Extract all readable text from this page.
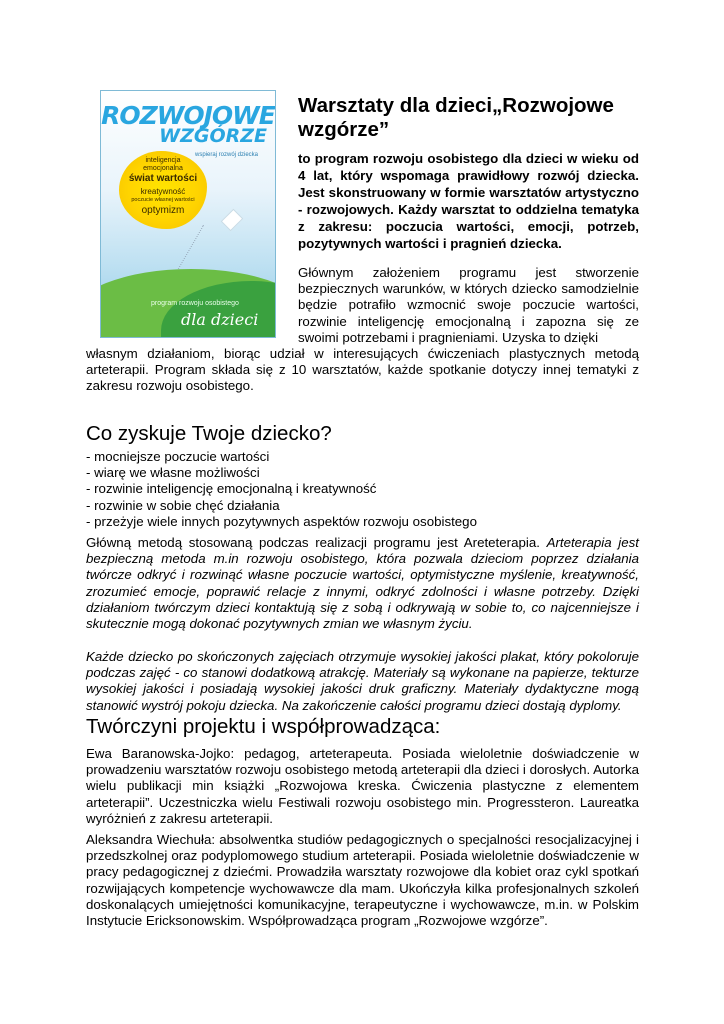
ROZWOJOWE
WZGÓRZE
wspieraj rozwój dziecka
inteligencja
emocjonalna
świat wartości
kreatywność
poczucie własnej wartości
optymizm
program rozwoju osobistego
dla dzieci
Warsztaty dla dzieci„Rozwojowe wzgórze”

to program rozwoju osobistego dla dzieci w wieku od 4 lat, który wspomaga prawidłowy rozwój dziecka. Jest skonstruowany w formie warsztatów artystyczno - rozwojowych. Każdy warsztat to oddzielna tematyka z zakresu: poczucia wartości, emocji, potrzeb, pozytywnych wartości i pragnień dziecka.

Głównym założeniem programu jest stworzenie bezpiecznych warunków, w których dziecko samodzielnie będzie potrafiło wzmocnić swoje poczucie wartości, rozwinie inteligencję emocjonalną i zapozna się ze swoimi potrzebami i pragnieniami. Uzyska to dzięki

własnym działaniom, biorąc udział w interesujących ćwiczeniach plastycznych metodą arteterapii. Program składa się z 10 warsztatów, każde spotkanie dotyczy innej tematyki z zakresu rozwoju osobistego.

Co zyskuje Twoje dziecko?
- mocniejsze poczucie wartości
- wiarę we własne możliwości
- rozwinie inteligencję emocjonalną i kreatywność
- rozwinie w sobie chęć działania
- przeżyje wiele innych pozytywnych aspektów rozwoju osobistego

Główną metodą stosowaną podczas realizacji programu jest Areteterapia. Arteterapia jest bezpieczną metoda m.in rozwoju osobistego, która pozwala dzieciom poprzez działania twórcze odkryć i rozwinąć własne poczucie wartości, optymistyczne myślenie, kreatywność, zrozumieć emocje, poprawić relacje z innymi, odkryć zdolności i własne potrzeby. Dzięki działaniom twórczym dzieci kontaktują się z sobą i odkrywają w sobie to, co najcenniejsze i skutecznie mogą dokonać pozytywnych zmian we własnym życiu.

Każde dziecko po skończonych zajęciach otrzymuje wysokiej jakości plakat, który pokoloruje podczas zajęć - co stanowi dodatkową atrakcję. Materiały są wykonane na papierze, tekturze wysokiej jakości i posiadają wysokiej jakości druk graficzny. Materiały dydaktyczne mogą stanowić wystrój pokoju dziecka. Na zakończenie całości programu dzieci dostają dyplomy.

Twórczyni projektu i współprowadząca:

Ewa Baranowska-Jojko: pedagog, arteterapeuta. Posiada wieloletnie doświadczenie w prowadzeniu warsztatów rozwoju osobistego metodą arteterapii dla dzieci i dorosłych. Autorka wielu publikacji min książki „Rozwojowa kreska. Ćwiczenia plastyczne z elementem arteterapii”. Uczestniczka wielu Festiwali rozwoju osobistego min. Progressteron. Laureatka wyróżnień z zakresu arteterapii.

Aleksandra Wiechuła: absolwentka studiów pedagogicznych o specjalności resocjalizacyjnej i przedszkolnej oraz podyplomowego studium arteterapii. Posiada wieloletnie doświadczenie w pracy pedagogicznej z dziećmi. Prowadziła warsztaty rozwojowe dla kobiet oraz cykl spotkań rozwijających kompetencje wychowawcze dla mam. Ukończyła kilka profesjonalnych szkoleń doskonalących umiejętności komunikacyjne, terapeutyczne i wychowawcze, m.in. w Polskim Instytucie Ericksonowskim. Współprowadząca program „Rozwojowe wzgórze”.
